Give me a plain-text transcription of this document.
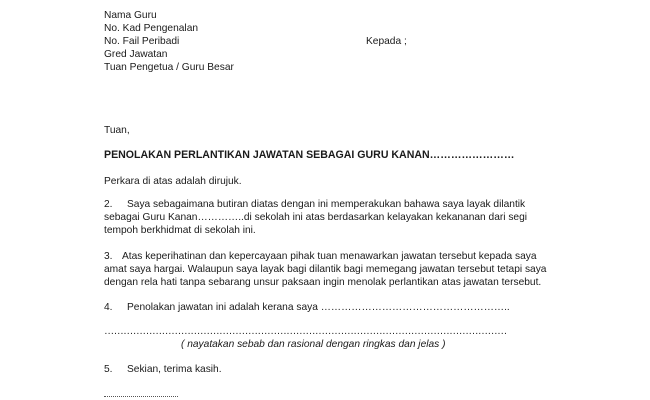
Nama Guru
No. Kad Pengenalan
No. Fail Peribadi
Gred Jawatan
Tuan Pengetua / Guru Besar
Kepada ;
Tuan,
PENOLAKAN PERLANTIKAN JAWATAN SEBAGAI GURU KANAN……………………
Perkara di atas adalah dirujuk.
2. Saya sebagaimana butiran diatas dengan ini memperakukan bahawa saya layak dilantik
sebagai Guru Kanan…………..di sekolah ini atas berdasarkan kelayakan kekananan dari segi
tempoh berkhidmat di sekolah ini.
3. Atas keperihatinan dan kepercayaan pihak tuan menawarkan jawatan tersebut kepada saya
amat saya hargai. Walaupun saya layak bagi dilantik bagi memegang jawatan tersebut tetapi saya
dengan rela hati tanpa sebarang unsur paksaan ingin menolak perlantikan atas jawatan tersebut.
4. Penolakan jawatan ini adalah kerana saya ………………………………………………..
………………………………………………………………………………………………………………
( nayatakan sebab dan rasional dengan ringkas dan jelas )
5. Sekian, terima kasih.
